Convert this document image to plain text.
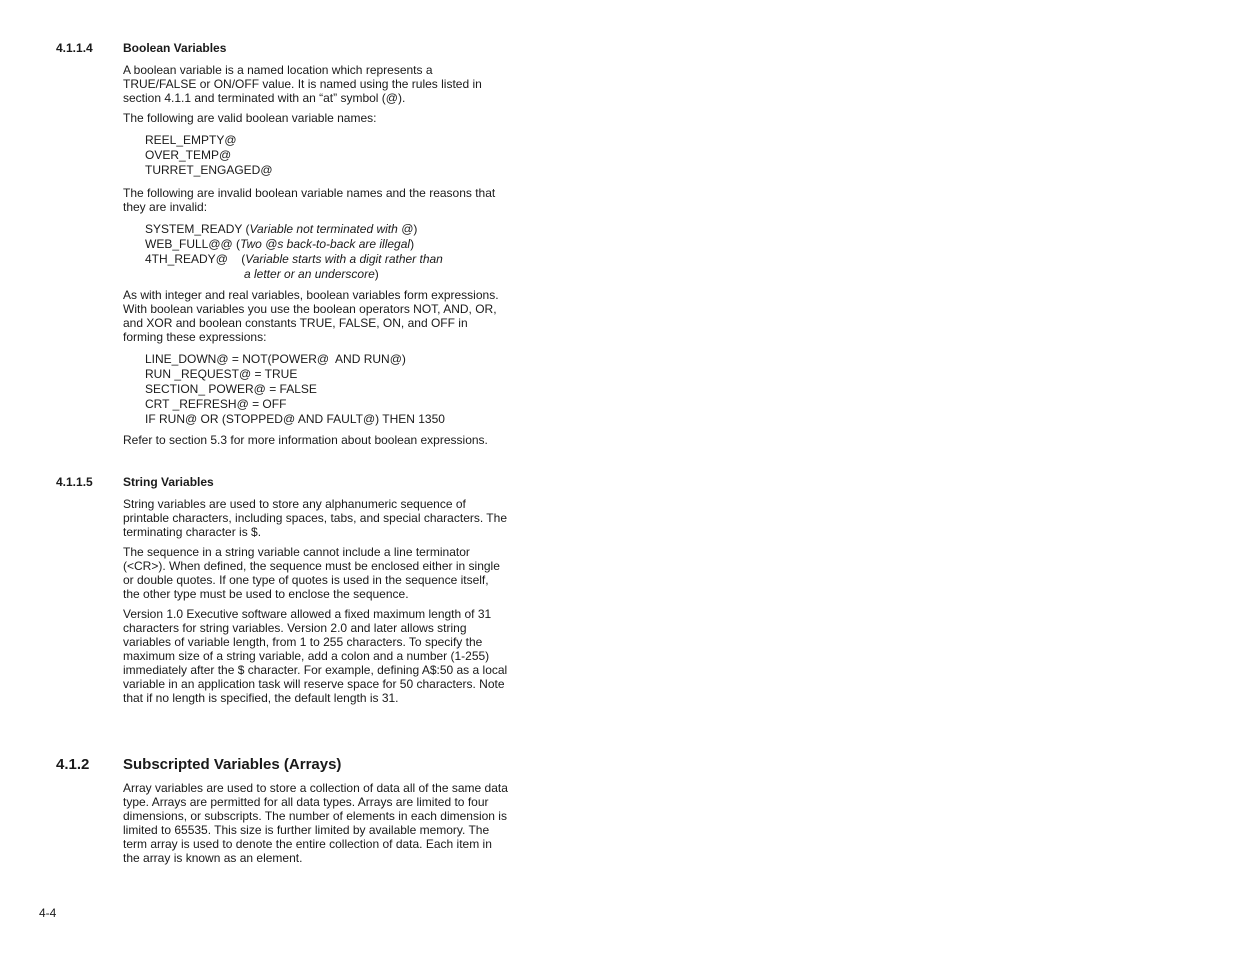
4.1.1.4	Boolean Variables

A boolean variable is a named location which represents a TRUE/FALSE or ON/OFF value. It is named using the rules listed in section 4.1.1 and terminated with an “at” symbol (@).

The following are valid boolean variable names:

REEL_EMPTY@
OVER_TEMP@
TURRET_ENGAGED@

The following are invalid boolean variable names and the reasons that they are invalid:

SYSTEM_READY (Variable not terminated with @)
WEB_FULL@@ (Two @s back-to-back are illegal)
4TH_READY@    (Variable starts with a digit rather than
a letter or an underscore)

As with integer and real variables, boolean variables form expressions. With boolean variables you use the boolean operators NOT, AND, OR, and XOR and boolean constants TRUE, FALSE, ON, and OFF in forming these expressions:

LINE_DOWN@ = NOT(POWER@  AND RUN@)
RUN _REQUEST@ = TRUE
SECTION_ POWER@ = FALSE
CRT _REFRESH@ = OFF
IF RUN@ OR (STOPPED@ AND FAULT@) THEN 1350

Refer to section 5.3 for more information about boolean expressions.

4.1.1.5	String Variables

String variables are used to store any alphanumeric sequence of printable characters, including spaces, tabs, and special characters. The terminating character is $.

The sequence in a string variable cannot include a line terminator (<CR>). When defined, the sequence must be enclosed either in single or double quotes. If one type of quotes is used in the sequence itself, the other type must be used to enclose the sequence.

Version 1.0 Executive software allowed a fixed maximum length of 31 characters for string variables. Version 2.0 and later allows string variables of variable length, from 1 to 255 characters. To specify the maximum size of a string variable, add a colon and a number (1-255) immediately after the $ character. For example, defining A$:50 as a local variable in an application task will reserve space for 50 characters. Note that if no length is specified, the default length is 31.

4.1.2 Subscripted Variables (Arrays)

Array variables are used to store a collection of data all of the same data type. Arrays are permitted for all data types. Arrays are limited to four dimensions, or subscripts. The number of elements in each dimension is limited to 65535. This size is further limited by available memory. The term array is used to denote the entire collection of data. Each item in the array is known as an element.

4-4
